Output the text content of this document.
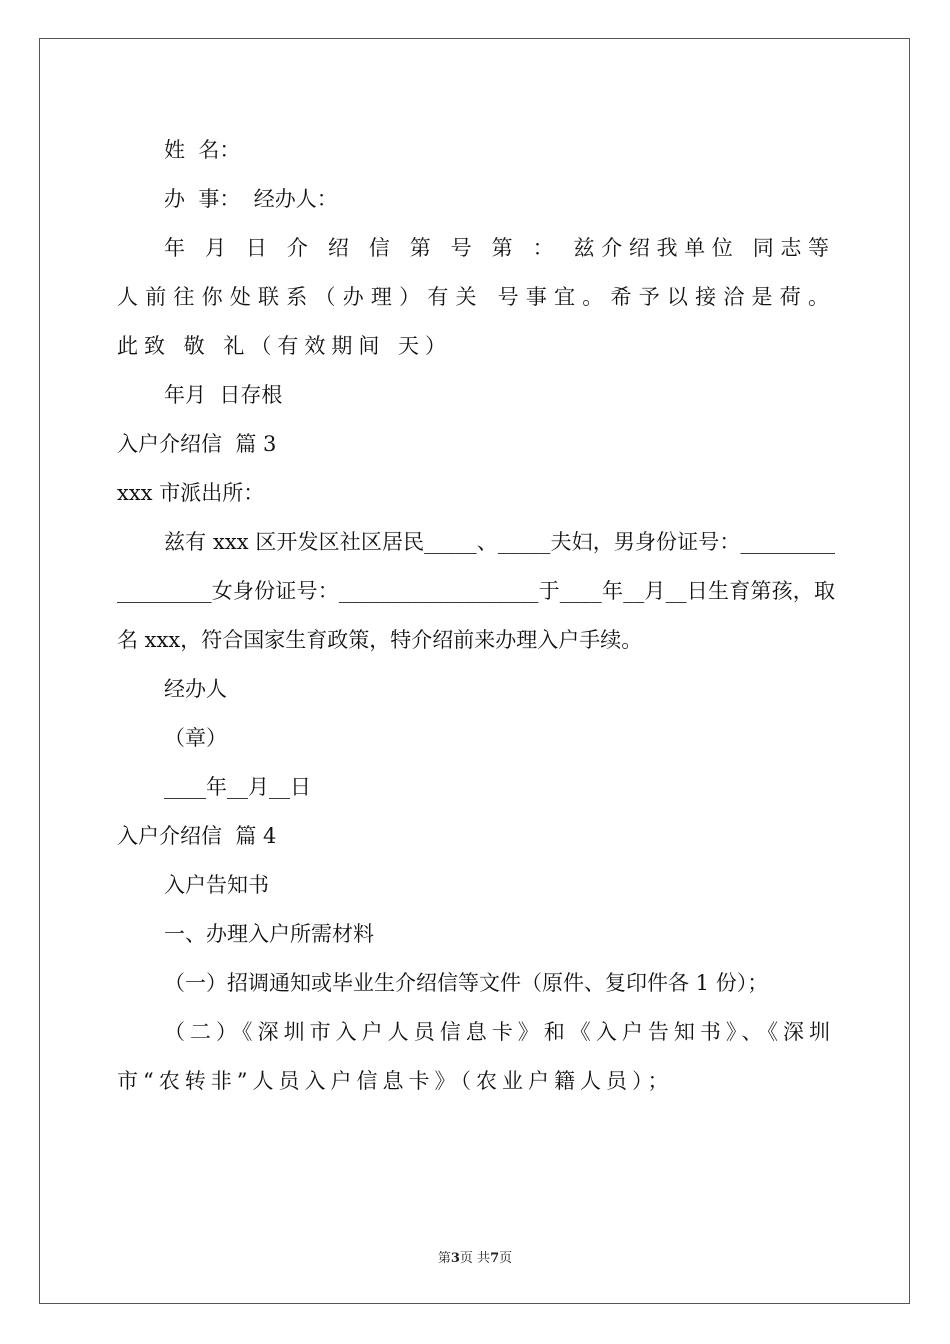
姓  名：

办  事：  经办人：

年 月 日 介 绍 信 第 号 第 ： 兹介绍我单位 同志等 人前往你处联系（办理）有关 号事宜。希予以接洽是荷。 此致 敬 礼（有效期间 天）

年月  日存根

入户介绍信  篇 3

xxx 市派出所：

兹有 xxx 区开发区社区居民_____、_____夫妇，男身份证号：__________________女身份证号：___________________于____年__月__日生育第孩，取名 xxx，符合国家生育政策，特介绍前来办理入户手续。

经办人

（章）

____年__月__日

入户介绍信  篇 4

入户告知书

一、办理入户所需材料

（一）招调通知或毕业生介绍信等文件（原件、复印件各 1 份）；

（二）《深圳市入户人员信息卡》和《入户告知书》、《深圳市“农转非”人员入户信息卡》（农业户籍人员）；

第3页 共7页
